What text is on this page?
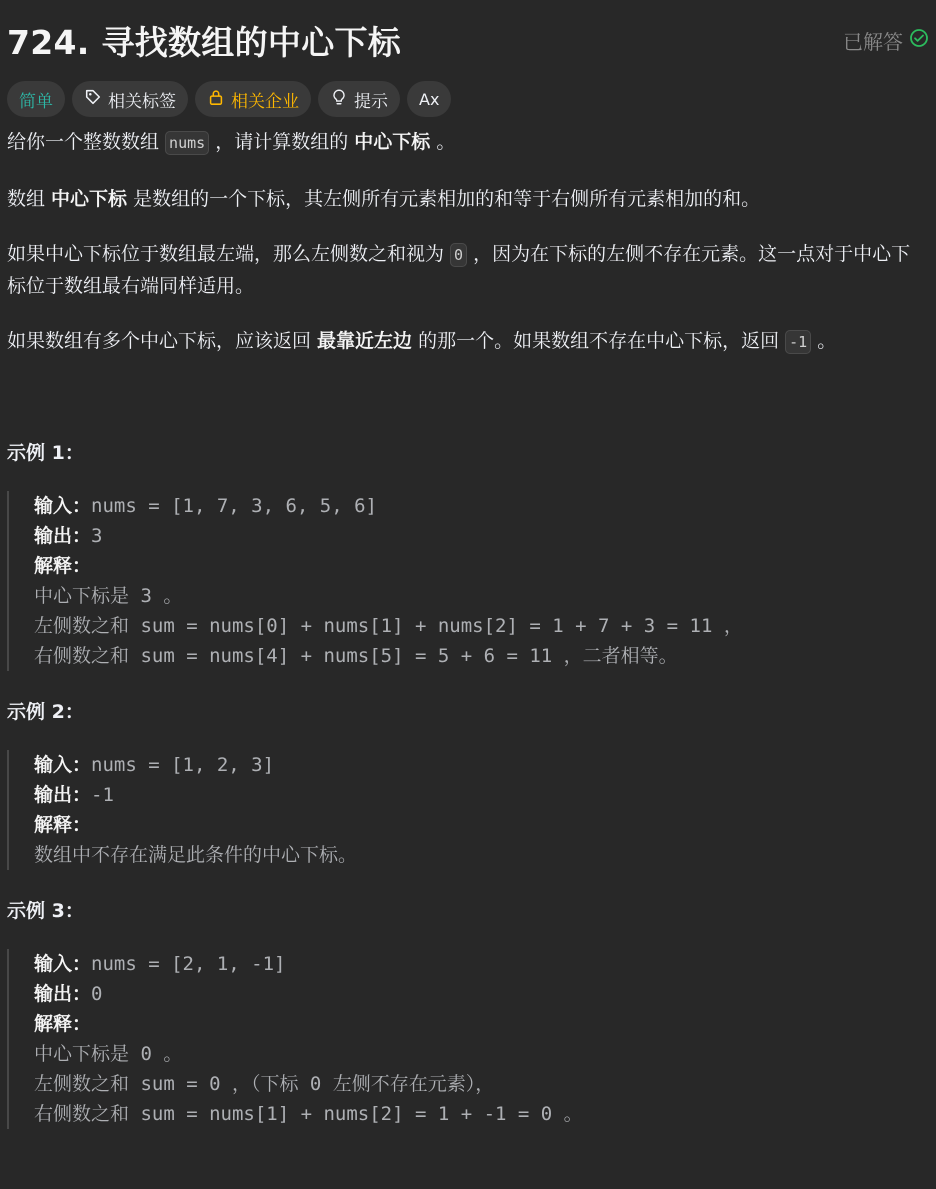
724. 寻找数组的中心下标	已解答
简单	相关标签	相关企业	提示 Ax

给你一个整数数组 nums ，请计算数组的 中心下标 。

数组 中心下标 是数组的一个下标，其左侧所有元素相加的和等于右侧所有元素相加的和。

如果中心下标位于数组最左端，那么左侧数之和视为 0 ，因为在下标的左侧不存在元素。这一点对于中心下标位于数组最右端同样适用。

如果数组有多个中心下标，应该返回 最靠近左边 的那一个。如果数组不存在中心下标，返回 -1 。

示例 1：

输入：nums = [1, 7, 3, 6, 5, 6]
输出：3
解释：
中心下标是 3 。
左侧数之和 sum = nums[0] + nums[1] + nums[2] = 1 + 7 + 3 = 11 ，
右侧数之和 sum = nums[4] + nums[5] = 5 + 6 = 11 ，二者相等。

示例 2：

输入：nums = [1, 2, 3]
输出：-1
解释：
数组中不存在满足此条件的中心下标。

示例 3：

输入：nums = [2, 1, -1]
输出：0
解释：
中心下标是 0 。
左侧数之和 sum = 0 ，（下标 0 左侧不存在元素），
右侧数之和 sum = nums[1] + nums[2] = 1 + -1 = 0 。
